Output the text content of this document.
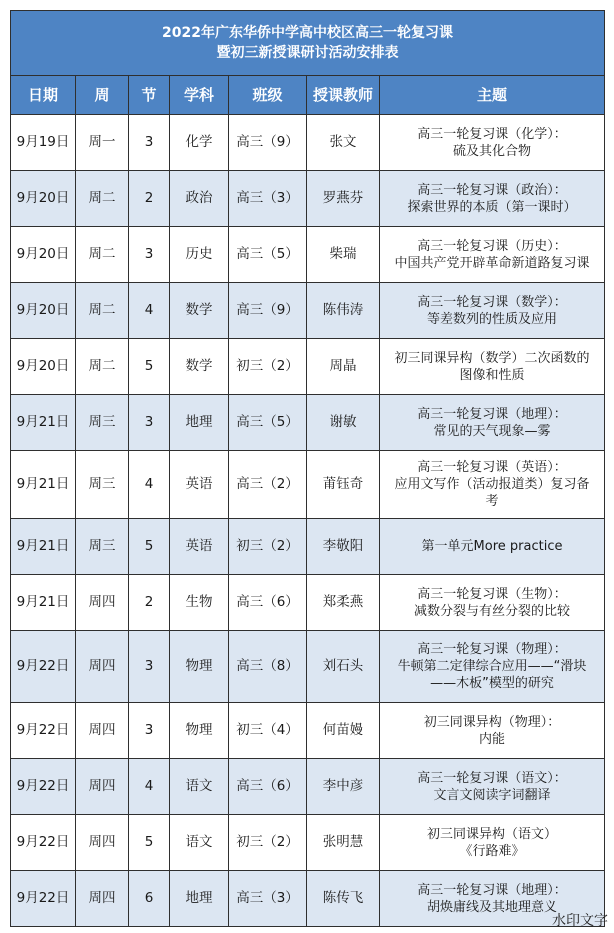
2022年广东华侨中学高中校区高三一轮复习课
暨初三新授课研讨活动安排表						

日期	周	节	学科	班级	授课教师	主题
9月19日	周一	3	化学	高三（9）	张文	高三一轮复习课（化学）：
硫及其化合物

9月20日	周二	2	政治	高三（3）	罗燕芬	高三一轮复习课（政治）：
探索世界的本质（第一课时）

9月20日	周二	3	历史	高三（5）	柴瑞	高三一轮复习课（历史）：
中国共产党开辟革命新道路复习课

9月20日	周二	4	数学	高三（9）	陈伟涛	高三一轮复习课（数学）：
等差数列的性质及应用

9月20日	周二	5	数学	初三（2）	周晶	初三同课异构（数学）二次函数的
图像和性质

9月21日	周三	3	地理	高三（5）	谢敏	高三一轮复习课（地理）：
常见的天气现象—雾

9月21日	周三	4	英语	高三（2）	莆钰奇	高三一轮复习课（英语）：
应用文写作（活动报道类）复习备
考

9月21日	周三	5	英语	初三（2）	李敬阳	第一单元More practice

9月21日	周四	2	生物	高三（6）	郑柔燕	高三一轮复习课（生物）：
减数分裂与有丝分裂的比较

9月22日	周四	3	物理	高三（8）	刘石头	高三一轮复习课（物理）：
牛顿第二定律综合应用——“滑块
——木板”模型的研究

9月22日	周四	3	物理	初三（4）	何苗嫚	初三同课异构（物理）：
内能

9月22日	周四	4	语文	高三（6）	李中彦	高三一轮复习课（语文）：
文言文阅读字词翻译

9月22日	周四	5	语文	初三（2）	张明慧	初三同课异构（语文）
《行路难》

9月22日	周四	6	地理	高三（3）	陈传飞	高三一轮复习课（地理）：
胡焕庸线及其地理意义
水印文字
